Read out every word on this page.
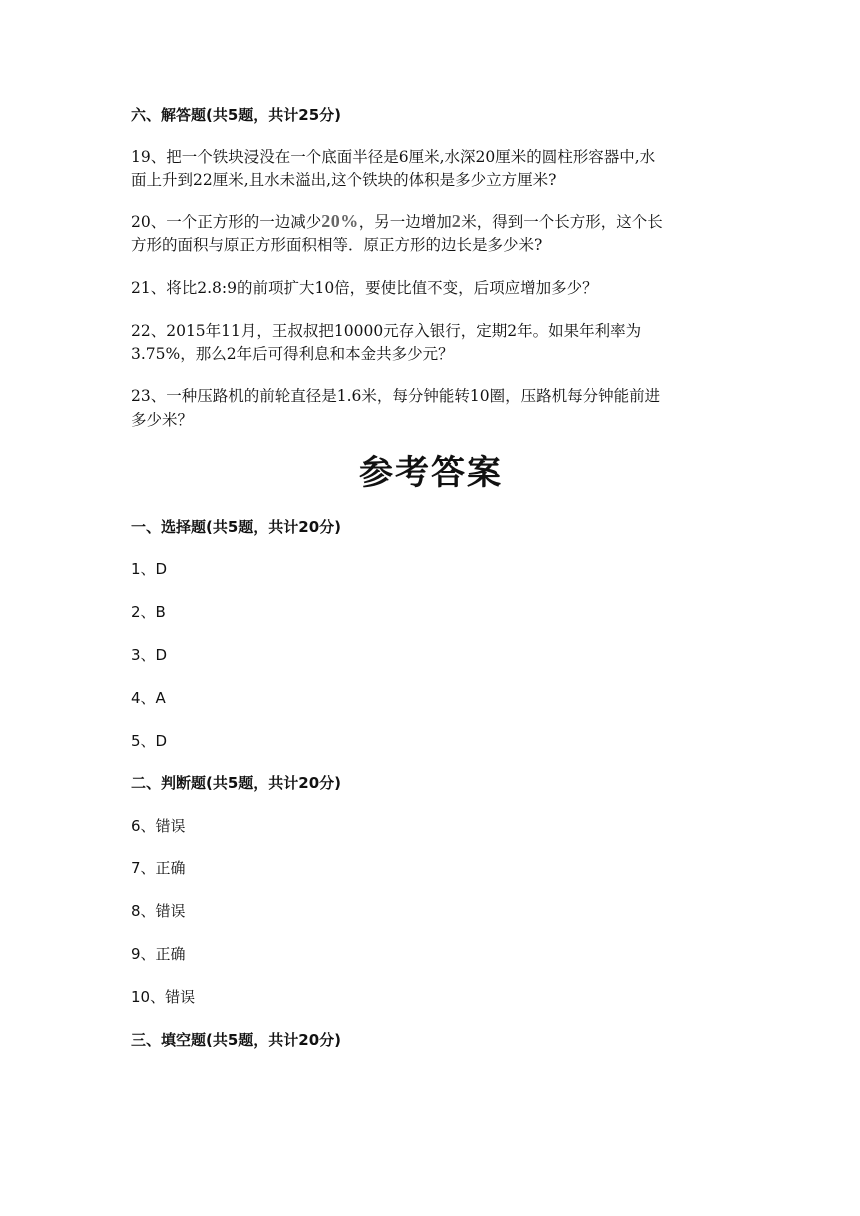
六、解答题(共5题，共计25分)

19、把一个铁块浸没在一个底面半径是6厘米,水深20厘米的圆柱形容器中,水

面上升到22厘米,且水未溢出,这个铁块的体积是多少立方厘米?

20、一个正方形的一边减少20%，另一边增加2米，得到一个长方形，这个长

方形的面积与原正方形面积相等．原正方形的边长是多少米?

21、将比2.8:9的前项扩大10倍，要使比值不变，后项应增加多少？

22、2015年11月，王叔叔把10000元存入银行，定期2年。如果年利率为

3.75%，那么2年后可得利息和本金共多少元？

23、一种压路机的前轮直径是1.6米，每分钟能转10圈，压路机每分钟能前进

多少米？

参考答案

一、选择题(共5题，共计20分)

1、D

2、B

3、D

4、A

5、D

二、判断题(共5题，共计20分)

6、错误

7、正确

8、错误

9、正确

10、错误

三、填空题(共5题，共计20分)
